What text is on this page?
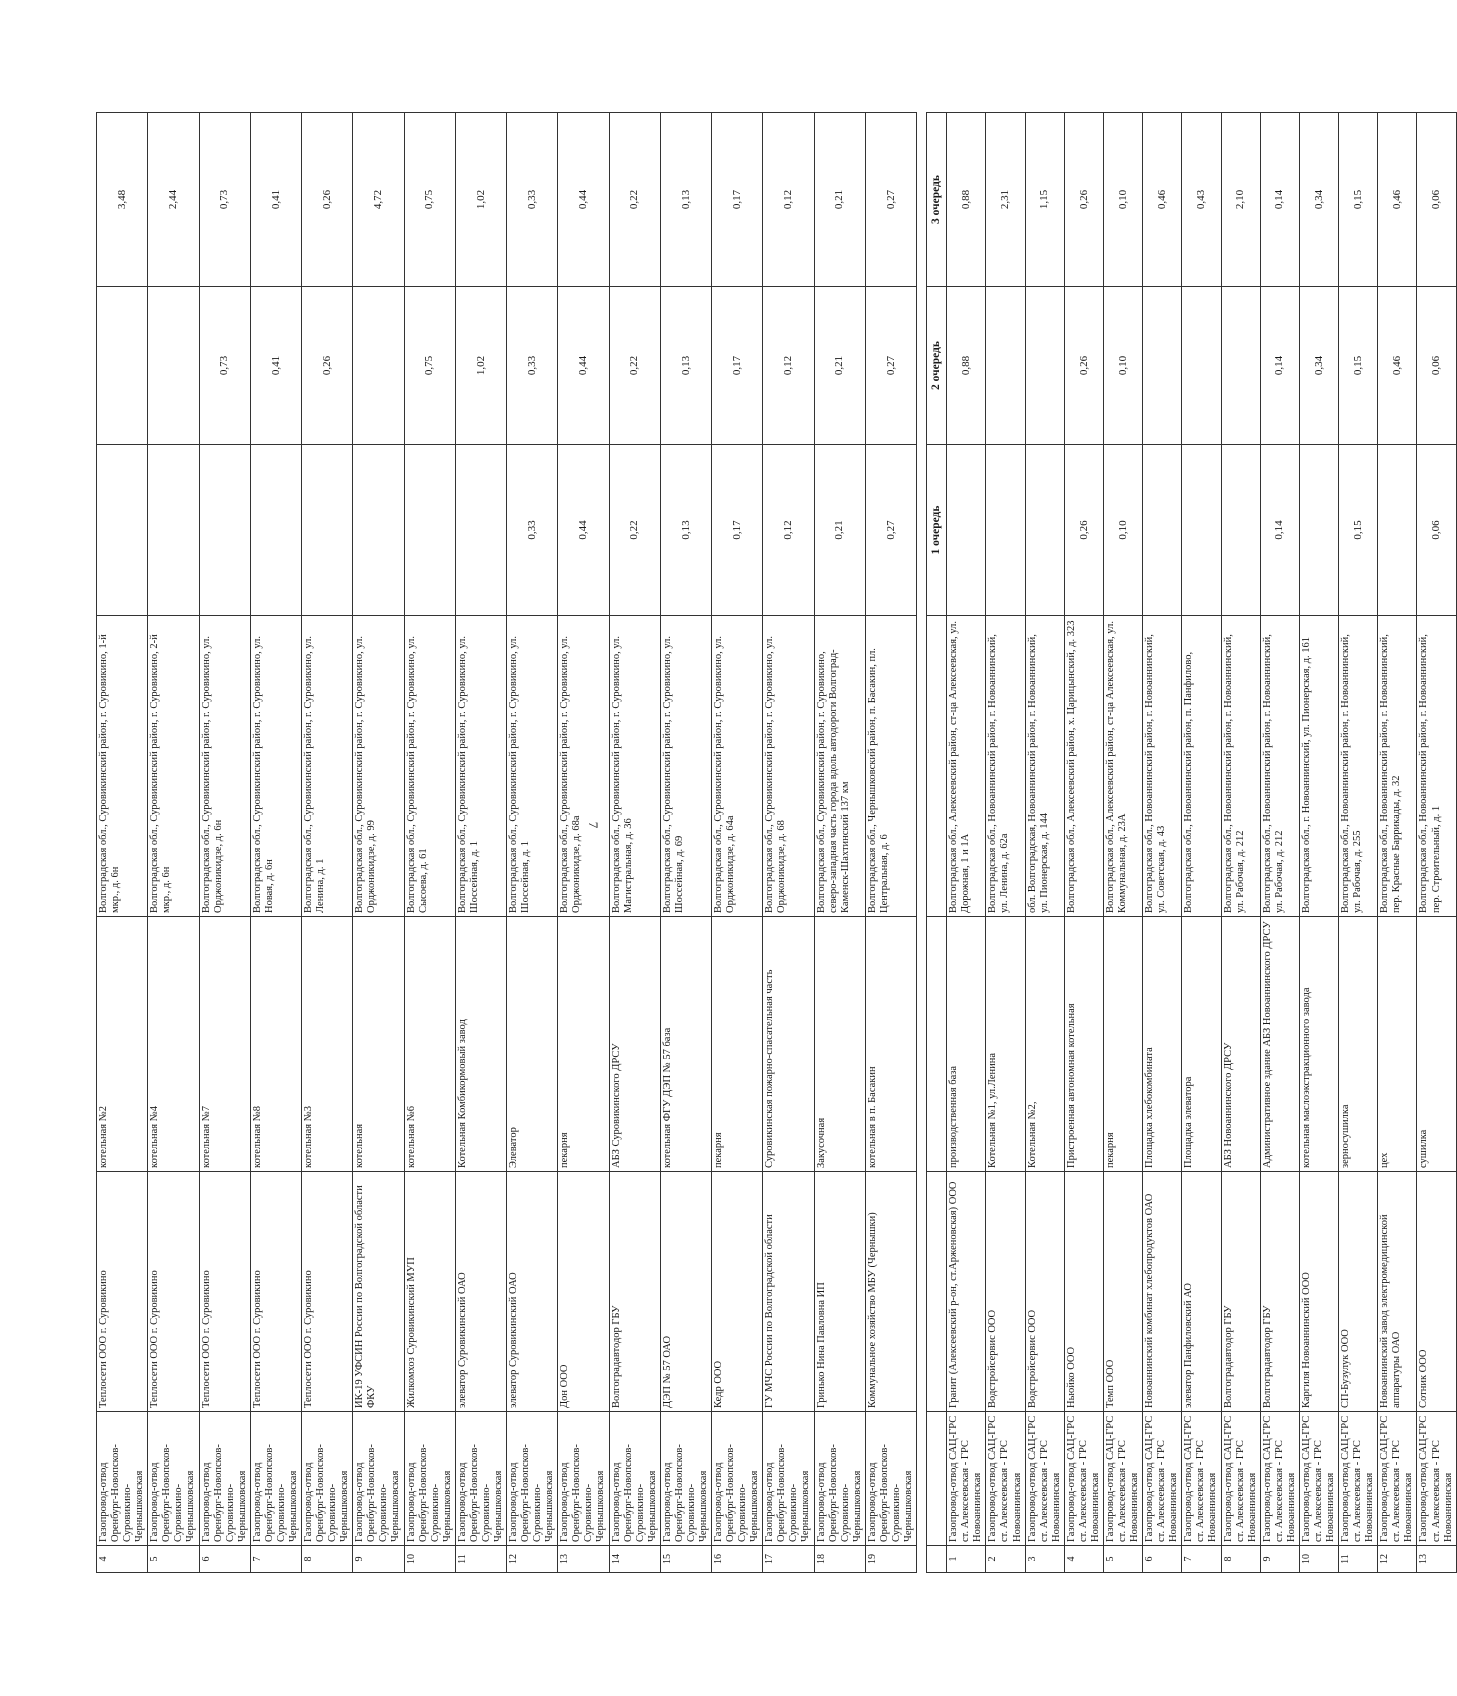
7
4	Газопровод-отвод Оренбург-Новопсков-Суровикино-Чернышковская	Теплосети ООО г. Суровикино	котельная №2	Волгоградская обл., Суровикинский район, г. Суровикино, 1-й мкр., д. 6н			3,48
5	Газопровод-отвод Оренбург-Новопсков-Суровикино-Чернышковская	Теплосети ООО г. Суровикино	котельная №4	Волгоградская обл., Суровикинский район, г. Суровикино, 2-й мкр., д. 6н			2,44
6	Газопровод-отвод Оренбург-Новопсков-Суровикино-Чернышковская	Теплосети ООО г. Суровикино	котельная №7	Волгоградская обл., Суровикинский район, г. Суровикино, ул. Орджоникидзе, д. 6н		0,73	0,73
7	Газопровод-отвод Оренбург-Новопсков-Суровикино-Чернышковская	Теплосети ООО г. Суровикино	котельная №8	Волгоградская обл., Суровикинский район, г. Суровикино, ул. Новая, д. 6н		0,41	0,41
8	Газопровод-отвод Оренбург-Новопсков-Суровикино-Чернышковская	Теплосети ООО г. Суровикино	котельная №3	Волгоградская обл., Суровикинский район, г. Суровикино, ул. Ленина, д. 1		0,26	0,26
9	Газопровод-отвод Оренбург-Новопсков-Суровикино-Чернышковская	ИК-19 УФСИН России по Волгоградской области ФКУ	котельная	Волгоградская обл., Суровикинский район, г. Суровикино, ул. Орджоникидзе, д. 99			4,72
10	Газопровод-отвод Оренбург-Новопсков-Суровикино-Чернышковская	Жилкомхоз Суровикинский МУП	котельная №6	Волгоградская обл., Суровикинский район, г. Суровикино, ул. Сысоева, д. 61		0,75	0,75
11	Газопровод-отвод Оренбург-Новопсков-Суровикино-Чернышковская	элеватор Суровикинский ОАО	Котельная Комбикормовый завод	Волгоградская обл., Суровикинский район, г. Суровикино, ул. Шоссейная, д. 1		1,02	1,02
12	Газопровод-отвод Оренбург-Новопсков-Суровикино-Чернышковская	элеватор Суровикинский ОАО	Элеватор	Волгоградская обл., Суровикинский район, г. Суровикино, ул. Шоссейная, д. 1	0,33	0,33	0,33
13	Газопровод-отвод Оренбург-Новопсков-Суровикино-Чернышковская	Дон ООО	пекарня	Волгоградская обл., Суровикинский район, г. Суровикино, ул. Орджоникидзе, д. 68а	0,44	0,44	0,44
14	Газопровод-отвод Оренбург-Новопсков-Суровикино-Чернышковская	Волгоградавтодор ГБУ	АБЗ Суровикинского ДРСУ	Волгоградская обл., Суровикинский район, г. Суровикино, ул. Магистральная, д. 36	0,22	0,22	0,22
15	Газопровод-отвод Оренбург-Новопсков-Суровикино-Чернышковская	ДЭП № 57 ОАО	котельная ФГУ ДЭП № 57 база	Волгоградская обл., Суровикинский район, г. Суровикино, ул. Шоссейная, д. 69	0,13	0,13	0,13
16	Газопровод-отвод Оренбург-Новопсков-Суровикино-Чернышковская	Кедр ООО	пекарня	Волгоградская обл., Суровикинский район, г. Суровикино, ул. Орджоникидзе, д. 64а	0,17	0,17	0,17
17	Газопровод-отвод Оренбург-Новопсков-Суровикино-Чернышковская	ГУ МЧС России по Волгоградской области	Суровикинская пожарно-спасательная часть	Волгоградская обл., Суровикинский район, г. Суровикино, ул. Орджоникидзе, д. 68	0,12	0,12	0,12
18	Газопровод-отвод Оренбург-Новопсков-Суровикино-Чернышковская	Гринько Нина Павловна ИП	Закусочная	Волгоградская обл., Суровикинский район, г. Суровикино, северо-западная часть города вдоль автодороги Волгоград-Каменск-Шахтинский 137 км	0,21	0,21	0,21
19	Газопровод-отвод Оренбург-Новопсков-Суровикино-Чернышковская	Коммунальное хозяйство МБУ (Чернышки)	котельная в п. Басакин	Волгоградская обл., Чернышковский район, п. Басакин, пл. Центральная, д. 6	0,27	0,27	0,27

					1 очередь	2 очередь	3 очередь
1	Газопровод-отвод САЦ-ГРС ст. Алексеевская - ГРС Новоаннинская	Гранит (Алексеевский р-он, ст.Арженовская) ООО	производственная база	Волгоградская обл., Алексеевский район, ст-ца Алексеевская, ул. Дорожная, 1 и 1А		0,88	0,88
2	Газопровод-отвод САЦ-ГРС ст. Алексеевская - ГРС Новоаннинская	Водстройсервис ООО	Котельная №1, ул.Ленина	Волгоградская обл., Новоаннинский район, г. Новоаннинский, ул. Ленина, д. 62а			2,31
3	Газопровод-отвод САЦ-ГРС ст. Алексеевская - ГРС Новоаннинская	Водстройсервис ООО	Котельная №2,	обл. Волгоградская, Новоаннинский район, г. Новоаннинский, ул. Пионерская, д. 144			1,15
4	Газопровод-отвод САЦ-ГРС ст. Алексеевская - ГРС Новоаннинская	Ньюйко ООО	Пристроенная автономная котельная	Волгоградская обл., Алексеевский район, х. Царицынский, д. 323	0,26	0,26	0,26
5	Газопровод-отвод САЦ-ГРС ст. Алексеевская - ГРС Новоаннинская	Темп ООО	пекарня	Волгоградская обл., Алексеевский район, ст-ца Алексеевская, ул. Коммунальная, д. 23А	0,10	0,10	0,10
6	Газопровод-отвод САЦ-ГРС ст. Алексеевская - ГРС Новоаннинская	Новоаннинский комбинат хлебопродуктов ОАО	Площадка хлебокомбината	Волгоградская обл., Новоаннинский район, г. Новоаннинский, ул. Советская, д. 43			0,46
7	Газопровод-отвод САЦ-ГРС ст. Алексеевская - ГРС Новоаннинская	элеватор Панфиловский АО	Площадка элеватора	Волгоградская обл., Новоаннинский район, п. Панфилово,			0,43
8	Газопровод-отвод САЦ-ГРС ст. Алексеевская - ГРС Новоаннинская	Волгоградавтодор ГБУ	АБЗ Новоаннинского ДРСУ	Волгоградская обл., Новоаннинский район, г. Новоаннинский, ул. Рабочая, д. 212			2,10
9	Газопровод-отвод САЦ-ГРС ст. Алексеевская - ГРС Новоаннинская	Волгоградавтодор ГБУ	Административное здание АБЗ Новоаннинского ДРСУ	Волгоградская обл., Новоаннинский район, г. Новоаннинский, ул. Рабочая, д. 212	0,14	0,14	0,14
10	Газопровод-отвод САЦ-ГРС ст. Алексеевская - ГРС Новоаннинская	Каргиля Новоаннинский ООО	котельная маслоэкстракционного завода	Волгоградская обл., г. Новоаннинский, ул. Пионерская, д. 161		0,34	0,34
11	Газопровод-отвод САЦ-ГРС ст. Алексеевская - ГРС Новоаннинская	СП-Бузулук ООО	зерносушилка	Волгоградская обл., Новоаннинский район, г. Новоаннинский, ул. Рабочая, д. 255	0,15	0,15	0,15
12	Газопровод-отвод САЦ-ГРС ст. Алексеевская - ГРС Новоаннинская	Новоаннинский завод электромедицинской аппаратуры ОАО	цех	Волгоградская обл., Новоаннинский район, г. Новоаннинский, пер. Красные Баррикады, д. 32		0,46	0,46
13	Газопровод-отвод САЦ-ГРС ст. Алексеевская - ГРС Новоаннинская	Сотник ООО	сушилка	Волгоградская обл., Новоаннинский район, г. Новоаннинский, пер. Строительный, д. 1	0,06	0,06	0,06
